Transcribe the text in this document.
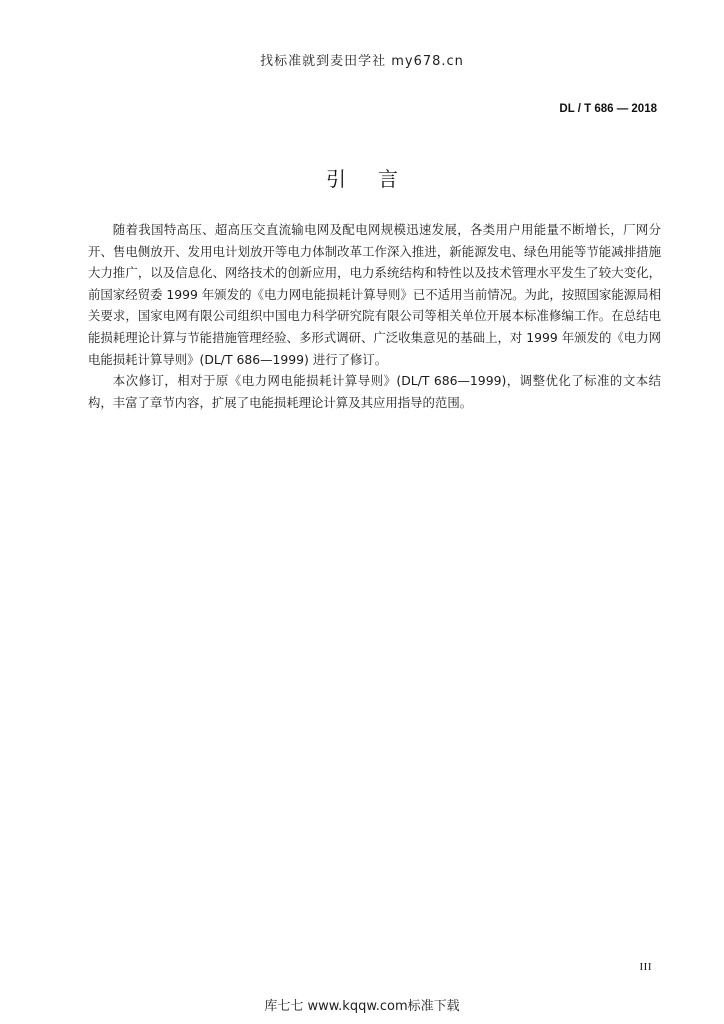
找标准就到麦田学社 my678.cn
DL / T 686 — 2018
引言

随着我国特高压、超高压交直流输电网及配电网规模迅速发展，各类用户用能量不断增长，厂网分开、售电侧放开、发用电计划放开等电力体制改革工作深入推进，新能源发电、绿色用能等节能减排措施大力推广，以及信息化、网络技术的创新应用，电力系统结构和特性以及技术管理水平发生了较大变化，前国家经贸委 1999 年颁发的《电力网电能损耗计算导则》已不适用当前情况。为此，按照国家能源局相关要求，国家电网有限公司组织中国电力科学研究院有限公司等相关单位开展本标准修编工作。在总结电能损耗理论计算与节能措施管理经验、多形式调研、广泛收集意见的基础上，对 1999 年颁发的《电力网电能损耗计算导则》(DL/T 686—1999) 进行了修订。

本次修订，相对于原《电力网电能损耗计算导则》(DL/T 686—1999)，调整优化了标准的文本结构，丰富了章节内容，扩展了电能损耗理论计算及其应用指导的范围。

III
库七七 www.kqqw.com标准下载
